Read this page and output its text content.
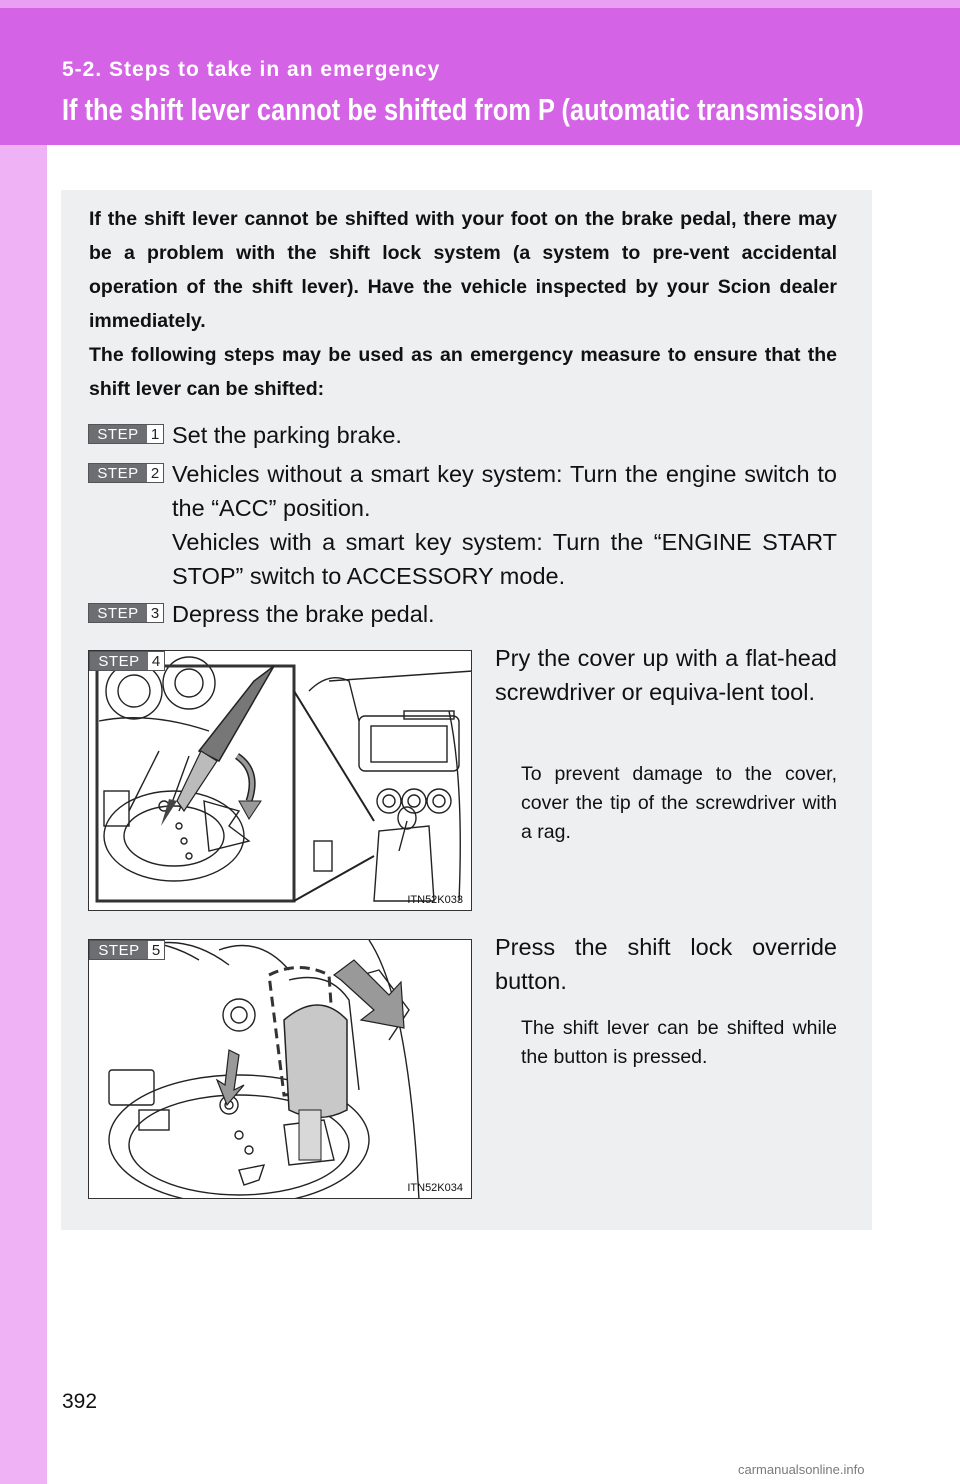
5-2. Steps to take in an emergency
If the shift lever cannot be shifted from P (automatic transmission)

If the shift lever cannot be shifted with your foot on the brake pedal, there may be a problem with the shift lock system (a system to pre-vent accidental operation of the shift lever). Have the vehicle inspected by your Scion dealer immediately.

The following steps may be used as an emergency measure to ensure that the shift lever can be shifted:

STEP 1 Set the parking brake.

STEP 2 Vehicles without a smart key system: Turn the engine switch to the “ACC” position.

Vehicles with a smart key system: Turn the “ENGINE START STOP” switch to ACCESSORY mode.

STEP 3 Depress the brake pedal.

STEP 4
ITN52K033
Pry the cover up with a flat-head screwdriver or equiva-lent tool.
To prevent damage to the cover, cover the tip of the screwdriver with a rag.
STEP 5
ITN52K034
Press the shift lock override button.
The shift lever can be shifted while the button is pressed.
392
carmanualsonline.info
